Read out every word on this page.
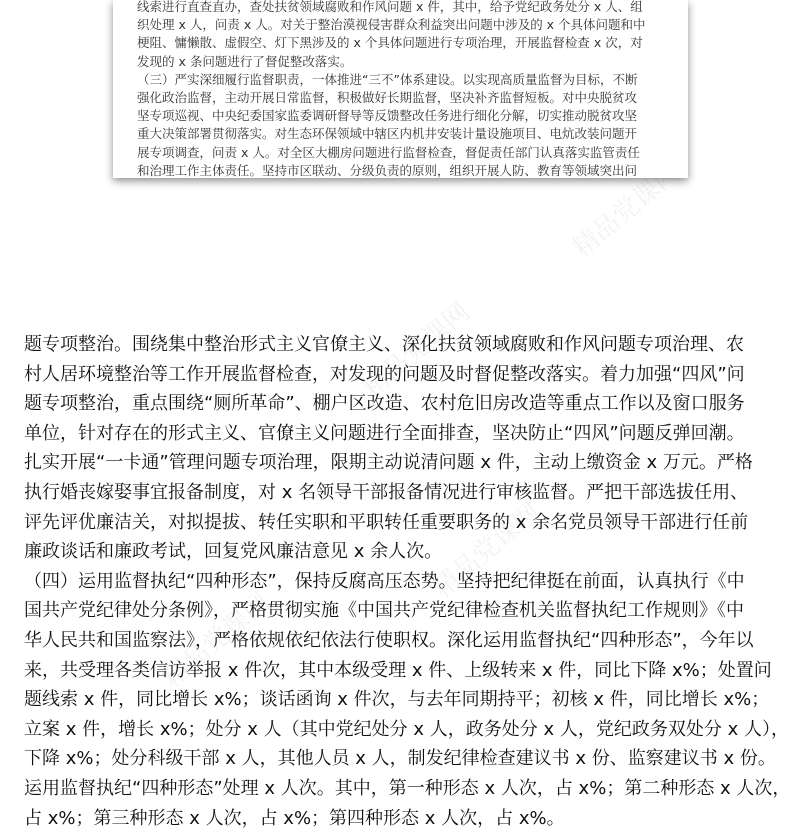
精品党课网
精品党课网
精品党课网
精品党课网
线索进行直查直办，查处扶贫领域腐败和作风问题 x 件，其中，给予党纪政务处分 x 人、组
织处理 x 人，问责 x 人。对关于整治漠视侵害群众利益突出问题中涉及的 x 个具体问题和中
梗阻、慵懒散、虚假空、灯下黑涉及的 x 个具体问题进行专项治理，开展监督检查 x 次，对
发现的 x 条问题进行了督促整改落实。
（三）严实深细履行监督职责，一体推进“三不”体系建设。以实现高质量监督为目标，不断
强化政治监督，主动开展日常监督，积极做好长期监督，坚决补齐监督短板。对中央脱贫攻
坚专项巡视、中央纪委国家监委调研督导等反馈整改任务进行细化分解，切实推动脱贫攻坚
重大决策部署贯彻落实。对生态环保领域中辖区内机井安装计量设施项目、电炕改装问题开
展专项调查，问责 x 人。对全区大棚房问题进行监督检查，督促责任部门认真落实监管责任
和治理工作主体责任。坚持市区联动、分级负责的原则，组织开展人防、教育等领域突出问
题专项整治。围绕集中整治形式主义官僚主义、深化扶贫领域腐败和作风问题专项治理、农
村人居环境整治等工作开展监督检查，对发现的问题及时督促整改落实。着力加强“四风”问
题专项整治，重点围绕“厕所革命”、棚户区改造、农村危旧房改造等重点工作以及窗口服务
单位，针对存在的形式主义、官僚主义问题进行全面排查，坚决防止“四风”问题反弹回潮。
扎实开展“一卡通”管理问题专项治理，限期主动说清问题 x 件，主动上缴资金 x 万元。严格
执行婚丧嫁娶事宜报备制度，对 x 名领导干部报备情况进行审核监督。严把干部选拔任用、
评先评优廉洁关，对拟提拔、转任实职和平职转任重要职务的 x 余名党员领导干部进行任前
廉政谈话和廉政考试，回复党风廉洁意见 x 余人次。
（四）运用监督执纪“四种形态”，保持反腐高压态势。坚持把纪律挺在前面，认真执行《中
国共产党纪律处分条例》，严格贯彻实施《中国共产党纪律检查机关监督执纪工作规则》《中
华人民共和国监察法》，严格依规依纪依法行使职权。深化运用监督执纪“四种形态”，今年以
来，共受理各类信访举报 x 件次，其中本级受理 x 件、上级转来 x 件，同比下降 x%；处置问
题线索 x 件，同比增长 x%；谈话函询 x 件次，与去年同期持平；初核 x 件，同比增长 x%；
立案 x 件，增长 x%；处分 x 人（其中党纪处分 x 人，政务处分 x 人，党纪政务双处分 x 人），
下降 x%；处分科级干部 x 人，其他人员 x 人，制发纪律检查建议书 x 份、监察建议书 x 份。
运用监督执纪“四种形态”处理 x 人次。其中，第一种形态 x 人次，占 x%；第二种形态 x 人次，
占 x%；第三种形态 x 人次，占 x%；第四种形态 x 人次，占 x%。
